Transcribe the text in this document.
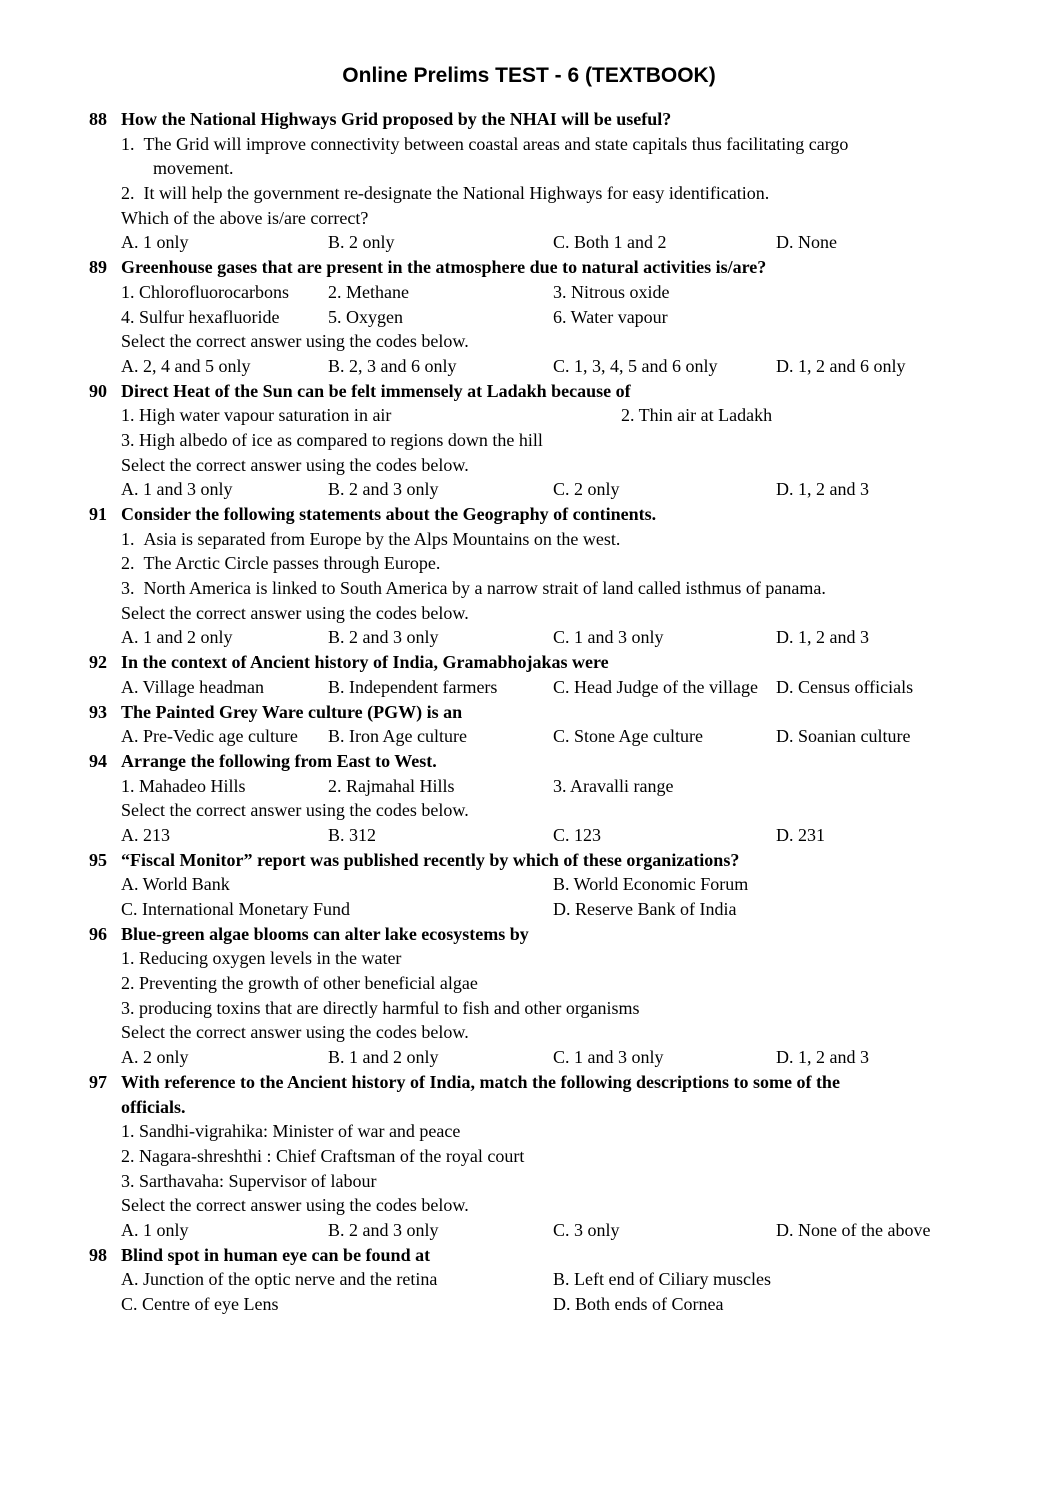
Online Prelims TEST - 6 (TEXTBOOK)
88 How the National Highways Grid proposed by the NHAI will be useful?
1.  The Grid will improve connectivity between coastal areas and state capitals thus facilitating cargo
movement.
2.  It will help the government re-designate the National Highways for easy identification.
Which of the above is/are correct?
A. 1 only	B. 2 only	C. Both 1 and 2	D. None
89 Greenhouse gases that are present in the atmosphere due to natural activities is/are?
1. Chlorofluorocarbons 2. Methane	3. Nitrous oxide
4. Sulfur hexafluoride	5. Oxygen	6. Water vapour
Select the correct answer using the codes below.
A. 2, 4 and 5 only	B. 2, 3 and 6 only	C. 1, 3, 4, 5 and 6 only	D. 1, 2 and 6 only
90 Direct Heat of the Sun can be felt immensely at Ladakh because of
1. High water vapour saturation in air	2. Thin air at Ladakh
3. High albedo of ice as compared to regions down the hill
Select the correct answer using the codes below.
A. 1 and 3 only	B. 2 and 3 only	C. 2 only	D. 1, 2 and 3
91 Consider the following statements about the Geography of continents.
1.  Asia is separated from Europe by the Alps Mountains on the west.
2.  The Arctic Circle passes through Europe.
3.  North America is linked to South America by a narrow strait of land called isthmus of panama.
Select the correct answer using the codes below.
A. 1 and 2 only	B. 2 and 3 only	C. 1 and 3 only	D. 1, 2 and 3
92 In the context of Ancient history of India, Gramabhojakas were
A. Village headman	B. Independent farmers	C. Head Judge of the village D. Census officials
93 The Painted Grey Ware culture (PGW) is an
A. Pre-Vedic age culture B. Iron Age culture	C. Stone Age culture	D. Soanian culture
94 Arrange the following from East to West.
1. Mahadeo Hills	2. Rajmahal Hills	3. Aravalli range
Select the correct answer using the codes below.
A. 213	B. 312	C. 123	D. 231
95 “Fiscal Monitor” report was published recently by which of these organizations?
A. World Bank	B. World Economic Forum
C. International Monetary Fund	D. Reserve Bank of India
96 Blue-green algae blooms can alter lake ecosystems by
1. Reducing oxygen levels in the water
2. Preventing the growth of other beneficial algae
3. producing toxins that are directly harmful to fish and other organisms
Select the correct answer using the codes below.
A. 2 only	B. 1 and 2 only	C. 1 and 3 only	D. 1, 2 and 3
97 With reference to the Ancient history of India, match the following descriptions to some of the
officials.
1. Sandhi-vigrahika: Minister of war and peace
2. Nagara-shreshthi : Chief Craftsman of the royal court
3. Sarthavaha: Supervisor of labour
Select the correct answer using the codes below.
A. 1 only	B. 2 and 3 only	C. 3 only	D. None of the above
98 Blind spot in human eye can be found at
A. Junction of the optic nerve and the retina	B. Left end of Ciliary muscles
C. Centre of eye Lens	D. Both ends of Cornea
